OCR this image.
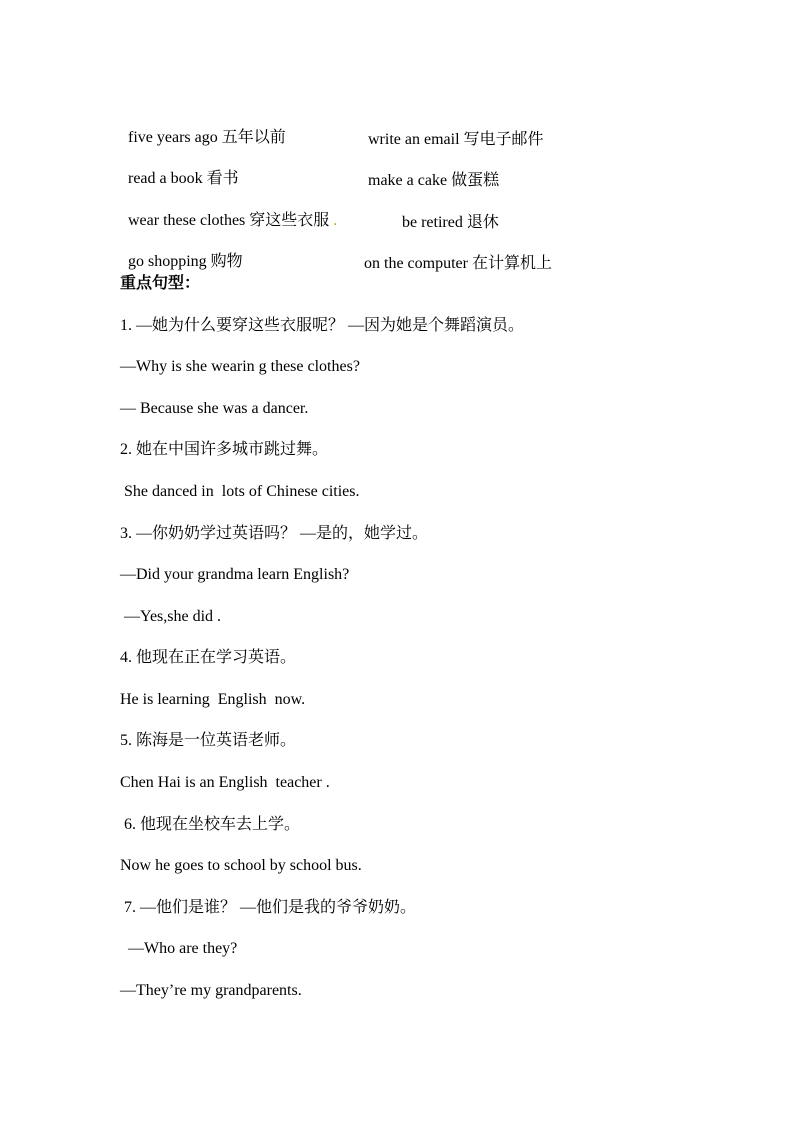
five years ago 五年以前	write an email 写电子邮件

read a book 看书	make a cake 做蛋糕

wear these clothes 穿这些衣服 .	be retired 退休

go shopping 购物	on the computer 在计算机上

重点句型：
1. —她为什么要穿这些衣服呢？ —因为她是个舞蹈演员。
—Why is she wearin g these clothes?
— Because she was a dancer.
2. 她在中国许多城市跳过舞。
She danced in  lots of Chinese cities.
3. —你奶奶学过英语吗？ —是的，她学过。
—Did your grandma learn English?
—Yes,she did .
4. 他现在正在学习英语。
He is learning  English  now.
5. 陈海是一位英语老师。
Chen Hai is an English  teacher .
6. 他现在坐校车去上学。
Now he goes to school by school bus.
7. —他们是谁？ —他们是我的爷爷奶奶。
—Who are they?
—They’re my grandparents.
